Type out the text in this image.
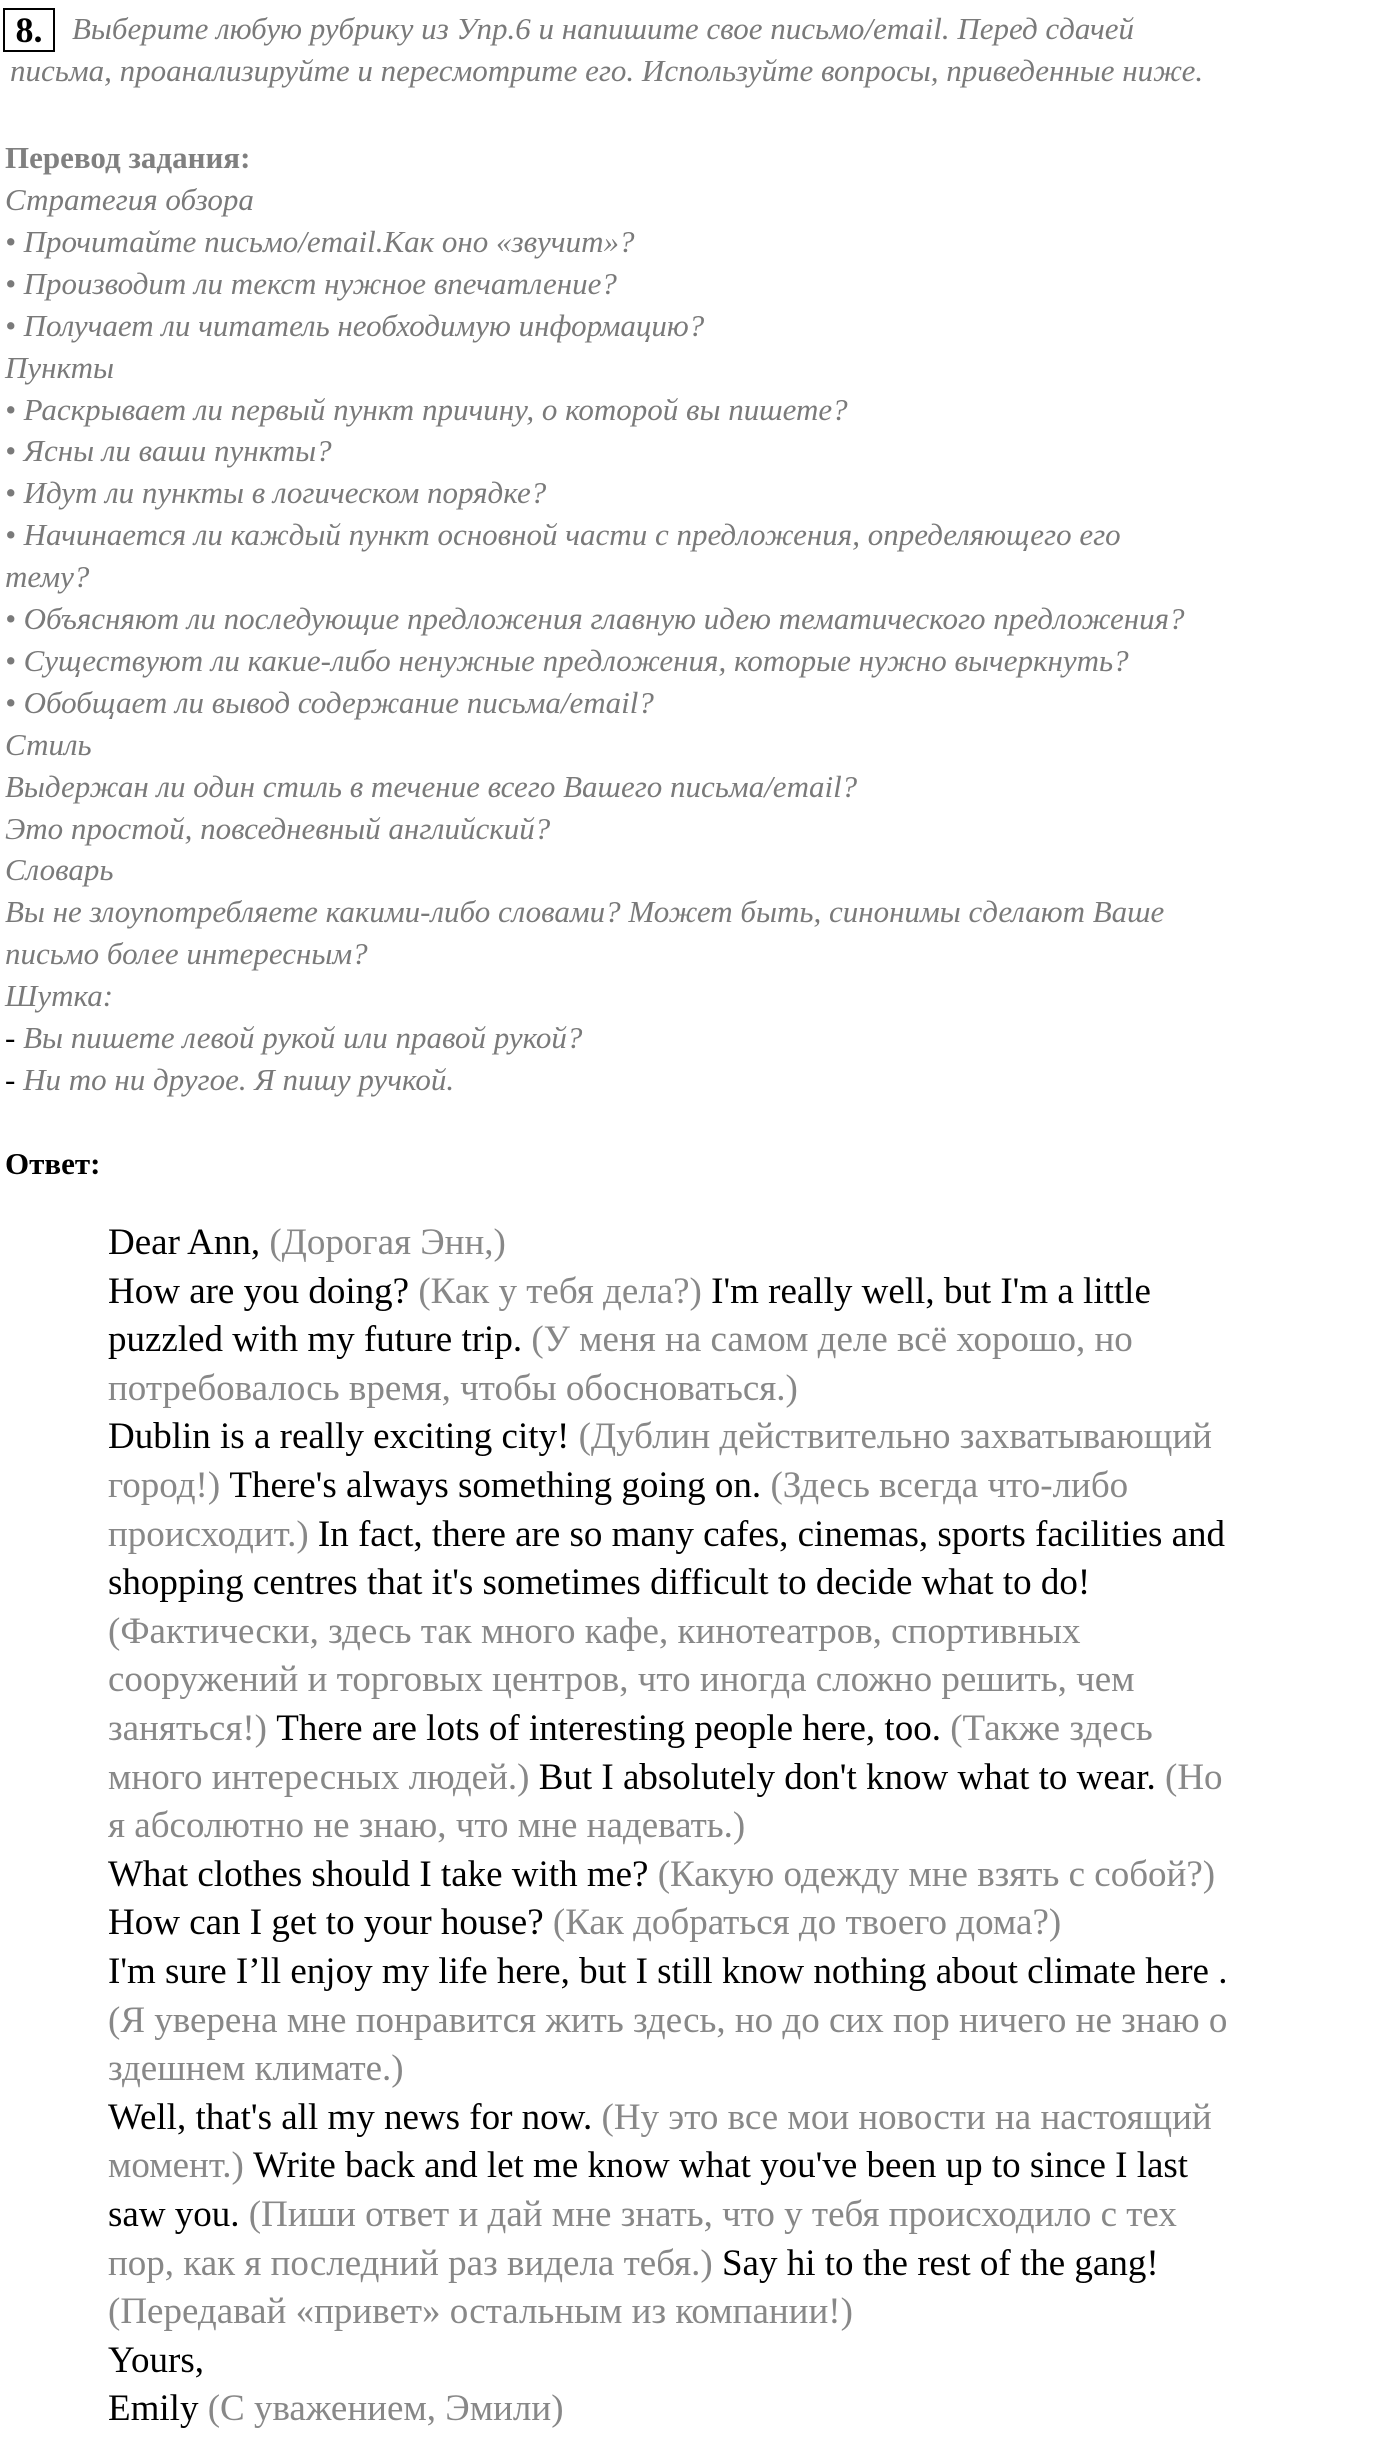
8. Выберите любую рубрику из Упр.6 и напишите свое письмо/email. Перед сдачей
письма, проанализируйте и пересмотрите его. Используйте вопросы, приведенные ниже.
Перевод задания:
Стратегия обзора
• Прочитайте письмо/email.Как оно «звучит»?
• Производит ли текст нужное впечатление?
• Получает ли читатель необходимую информацию?
Пункты
• Раскрывает ли первый пункт причину, о которой вы пишете?
• Ясны ли ваши пункты?
• Идут ли пункты в логическом порядке?
• Начинается ли каждый пункт основной части с предложения, определяющего его
тему?
• Объясняют ли последующие предложения главную идею тематического предложения?
• Существуют ли какие-либо ненужные предложения, которые нужно вычеркнуть?
• Обобщает ли вывод содержание письма/email?
Стиль
Выдержан ли один стиль в течение всего Вашего письма/email?
Это простой, повседневный английский?
Словарь
Вы не злоупотребляете какими-либо словами? Может быть, синонимы сделают Ваше
письмо более интересным?
Шутка:
- Вы пишете левой рукой или правой рукой?
- Ни то ни другое. Я пишу ручкой.
Ответ:
Dear Ann, (Дорогая Энн,)
How are you doing? (Как у тебя дела?) I'm really well, but I'm a little
puzzled with my future trip. (У меня на самом деле всё хорошо, но
потребовалось время, чтобы обосноваться.)
Dublin is a really exciting city! (Дублин действительно захватывающий
город!) There's always something going on. (Здесь всегда что-либо
происходит.) In fact, there are so many cafes, cinemas, sports facilities and
shopping centres that it's sometimes difficult to decide what to do!
(Фактически, здесь так много кафе, кинотеатров, спортивных
сооружений и торговых центров, что иногда сложно решить, чем
заняться!) There are lots of interesting people here, too. (Также здесь
много интересных людей.) But I absolutely don't know what to wear. (Но
я абсолютно не знаю, что мне надевать.)
What clothes should I take with me? (Какую одежду мне взять с собой?)
How can I get to your house? (Как добраться до твоего дома?)
I'm sure I’ll enjoy my life here, but I still know nothing about climate here .
(Я уверена мне понравится жить здесь, но до сих пор ничего не знаю о
здешнем климате.)
Well, that's all my news for now. (Ну это все мои новости на настоящий
момент.) Write back and let me know what you've been up to since I last
saw you. (Пиши ответ и дай мне знать, что у тебя происходило с тех
пор, как я последний раз видела тебя.) Say hi to the rest of the gang!
(Передавай «привет» остальным из компании!)
Yours,
Emily (С уважением, Эмили)
